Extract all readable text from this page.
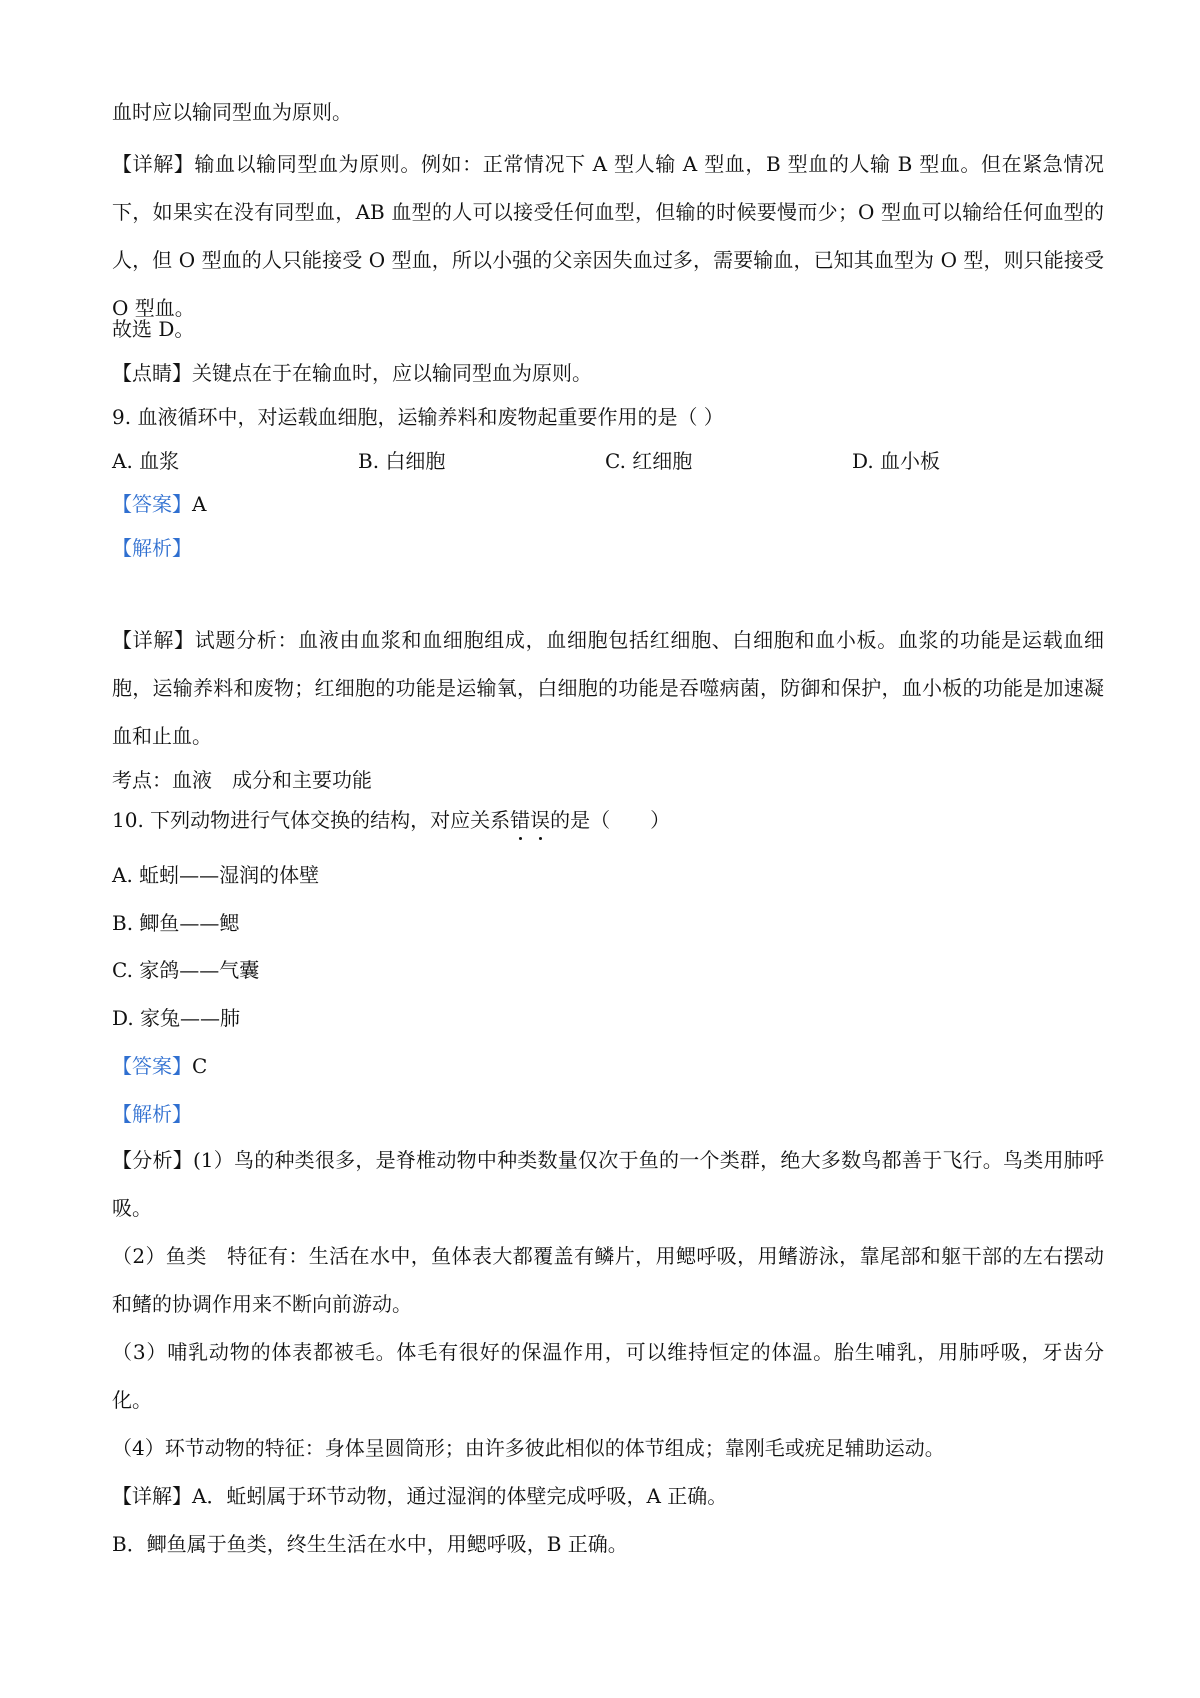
血时应以输同型血为原则。
【详解】输血以输同型血为原则。例如：正常情况下 A 型人输 A 型血，B 型血的人输 B 型血。但在紧急情况下，如果实在没有同型血，AB 血型的人可以接受任何血型，但输的时候要慢而少；O 型血可以输给任何血型的人，但 O 型血的人只能接受 O 型血，所以小强的父亲因失血过多，需要输血，已知其血型为 O 型，则只能接受 O 型血。
故选 D。
【点睛】关键点在于在输血时，应以输同型血为原则。
9. 血液循环中，对运载血细胞，运输养料和废物起重要作用的是（ ）
A. 血浆	B. 白细胞	C. 红细胞	D. 血小板
【答案】A
【解析】
【详解】试题分析：血液由血浆和血细胞组成，血细胞包括红细胞、白细胞和血小板。血浆的功能是运载血细胞，运输养料和废物；红细胞的功能是运输氧，白细胞的功能是吞噬病菌，防御和保护，血小板的功能是加速凝血和止血。
考点：血液　成分和主要功能
10. 下列动物进行气体交换的结构，对应关系错误的是（　　）
A. 蚯蚓——湿润的体壁
B. 鲫鱼——鳃
C. 家鸽——气囊
D. 家兔——肺
【答案】C
【解析】
【分析】(1）鸟的种类很多，是脊椎动物中种类数量仅次于鱼的一个类群，绝大多数鸟都善于飞行。鸟类用肺呼吸。
（2）鱼类　特征有：生活在水中，鱼体表大都覆盖有鳞片，用鳃呼吸，用鳍游泳，靠尾部和躯干部的左右摆动和鳍的协调作用来不断向前游动。
（3）哺乳动物的体表都被毛。体毛有很好的保温作用，可以维持恒定的体温。胎生哺乳，用肺呼吸，牙齿分化。
（4）环节动物的特征：身体呈圆筒形；由许多彼此相似的体节组成；靠刚毛或疣足辅助运动。
【详解】A．蚯蚓属于环节动物，通过湿润的体壁完成呼吸，A 正确。
B．鲫鱼属于鱼类，终生生活在水中，用鳃呼吸，B 正确。
